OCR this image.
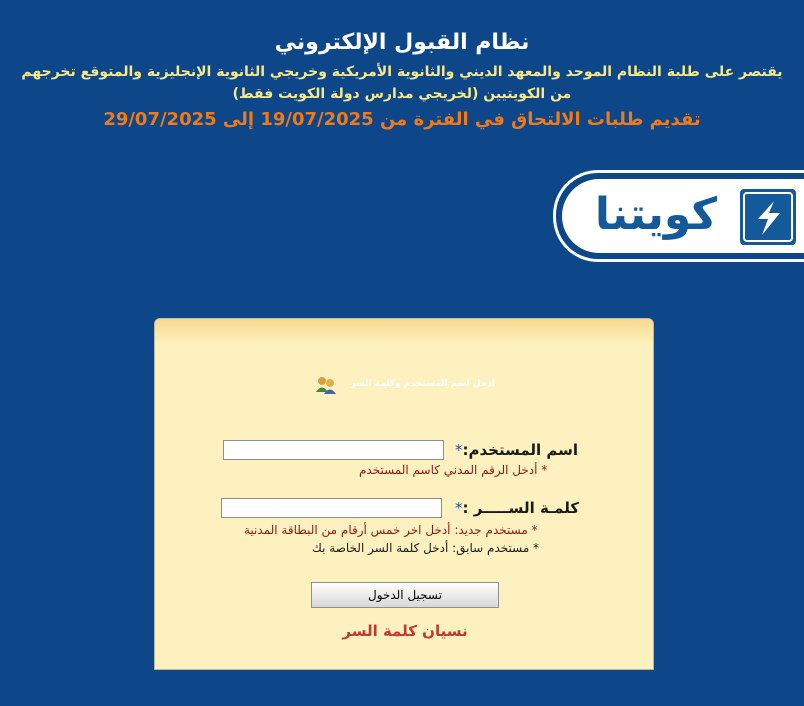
نظام القبول الإلكتروني
يقتصر على طلبة النظام الموحد والمعهد الديني والثانوية الأمريكية وخريجي الثانوية الإنجليزية والمتوقع تخرجهم
(لخريجي مدارس دولة الكويت فقط) من الكويتيين
تقديم طلبات الالتحاق في الفترة من 19/07/2025 إلى 29/07/2025
كويتنا
أدخل اسم المستخدم وكلمة السر
اسم المستخدم:*
* أدخل الرقم المدني كاسم المستخدم
كلمـة الســـــر :*
* مستخدم جديد: أدخل اخر خمس أرقام من البطاقة المدنية
* مستخدم سابق: أدخل كلمة السر الخاصة بك
تسجيل الدخول
نسيان كلمة السر
